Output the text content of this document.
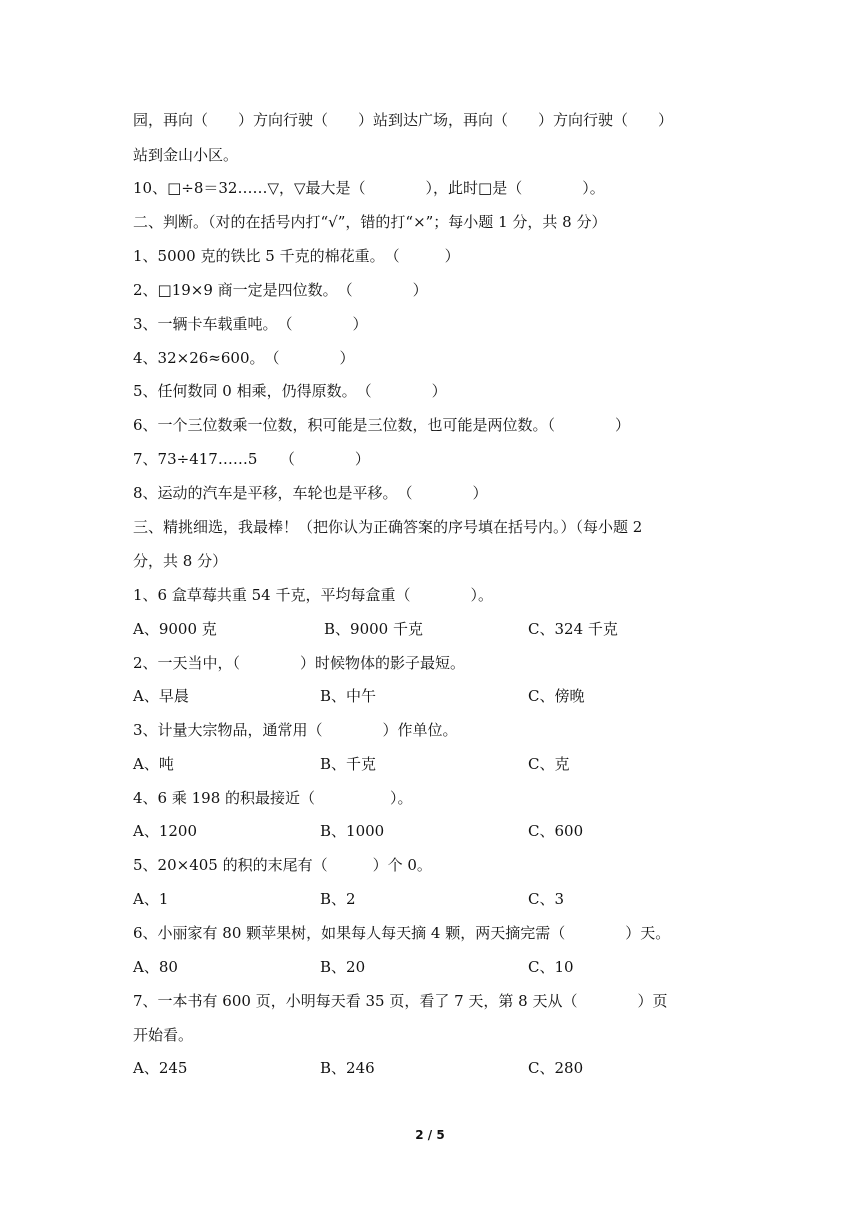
园，再向（　　）方向行驶（　　）站到达广场，再向（　　）方向行驶（　　）
站到金山小区。
10、□÷8＝32……▽，▽最大是（　　　　），此时□是（　　　　）。
二、判断。（对的在括号内打“√”，错的打“×”；每小题 1 分，共 8 分）
1、5000 克的铁比 5 千克的棉花重。　（　　　）
2、□19×9 商一定是四位数。　（　　　　）
3、一辆卡车载重吨。　（　　　　）
4、32×26≈600。　（　　　　）
5、任何数同 0 相乘，仍得原数。　（　　　　）
6、一个三位数乘一位数，积可能是三位数，也可能是两位数。（　　　　）
7、73÷417……5　　（　　　　）
8、运动的汽车是平移，车轮也是平移。　（　　　　）
三、精挑细选，我最棒！（把你认为正确答案的序号填在括号内。）（每小题 2
分，共 8 分）
1、6 盒草莓共重 54 千克，平均每盒重（　　　　）。
A、9000 克	B、9000 千克	C、324 千克
2、一天当中，（　　　　）时候物体的影子最短。
A、早晨	B、中午	C、傍晚
3、计量大宗物品，通常用（　　　　）作单位。
A、吨	B、千克	C、克
4、6 乘 198 的积最接近（　　　　　）。
A、1200	B、1000	C、600
5、20×405 的积的末尾有（　　　）个 0。
A、1	B、2	C、3
6、小丽家有 80 颗苹果树，如果每人每天摘 4 颗，两天摘完需（　　　　）天。
A、80	B、20	C、10
7、一本书有 600 页，小明每天看 35 页，看了 7 天，第 8 天从（　　　　）页
开始看。
A、245	B、246	C、280
2 / 5
